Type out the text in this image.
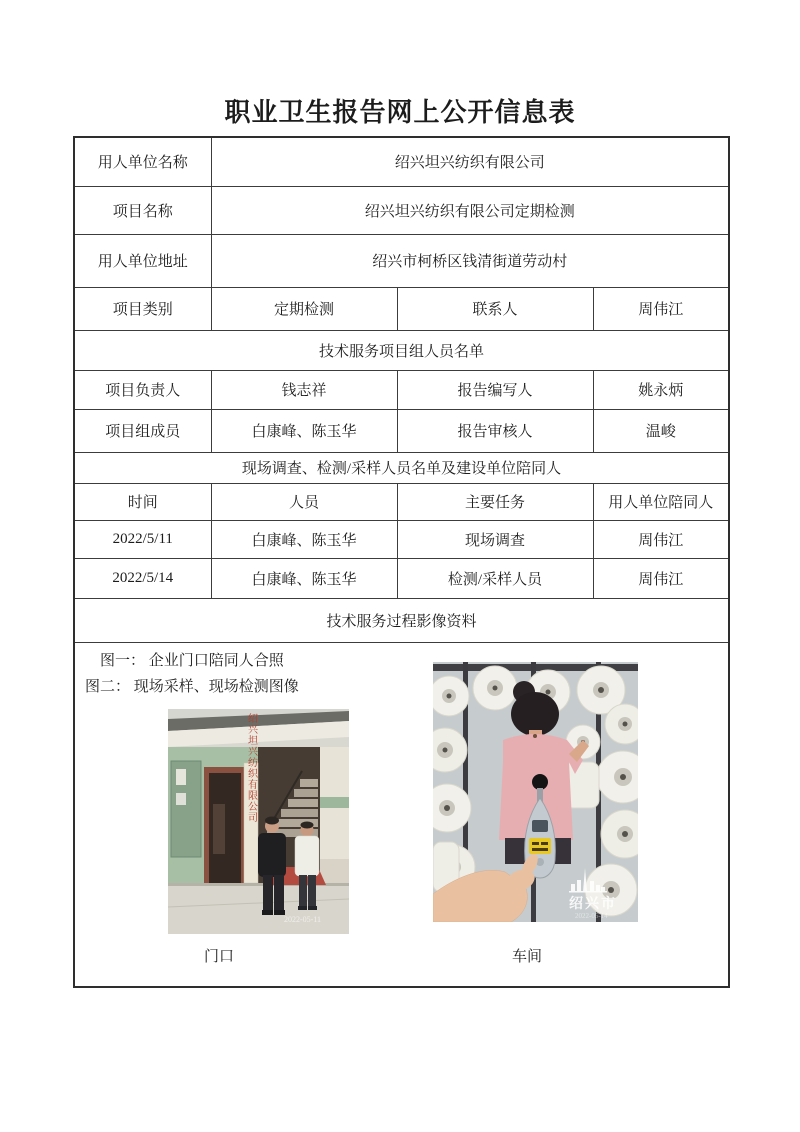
职业卫生报告网上公开信息表
用人单位名称	绍兴坦兴纺织有限公司		
项目名称	绍兴坦兴纺织有限公司定期检测		
用人单位地址	绍兴市柯桥区钱清街道劳动村		
项目类别	定期检测	联系人	周伟江
技术服务项目组人员名单			
项目负责人	钱志祥	报告编写人	姚永炳
项目组成员	白康峰、陈玉华	报告审核人	温峻
现场调查、检测/采样人员名单及建设单位陪同人			
时间	人员	主要任务	用人单位陪同人
2022/5/11	白康峰、陈玉华	现场调查	周伟江
2022/5/14	白康峰、陈玉华	检测/采样人员	周伟江
技术服务过程影像资料			

图一： 企业门口陪同人合照
图二： 现场采样、现场检测图像
绍兴坦兴纺织有限公司
2022-05-11
绍兴市
2022-05-14
门口	车间
